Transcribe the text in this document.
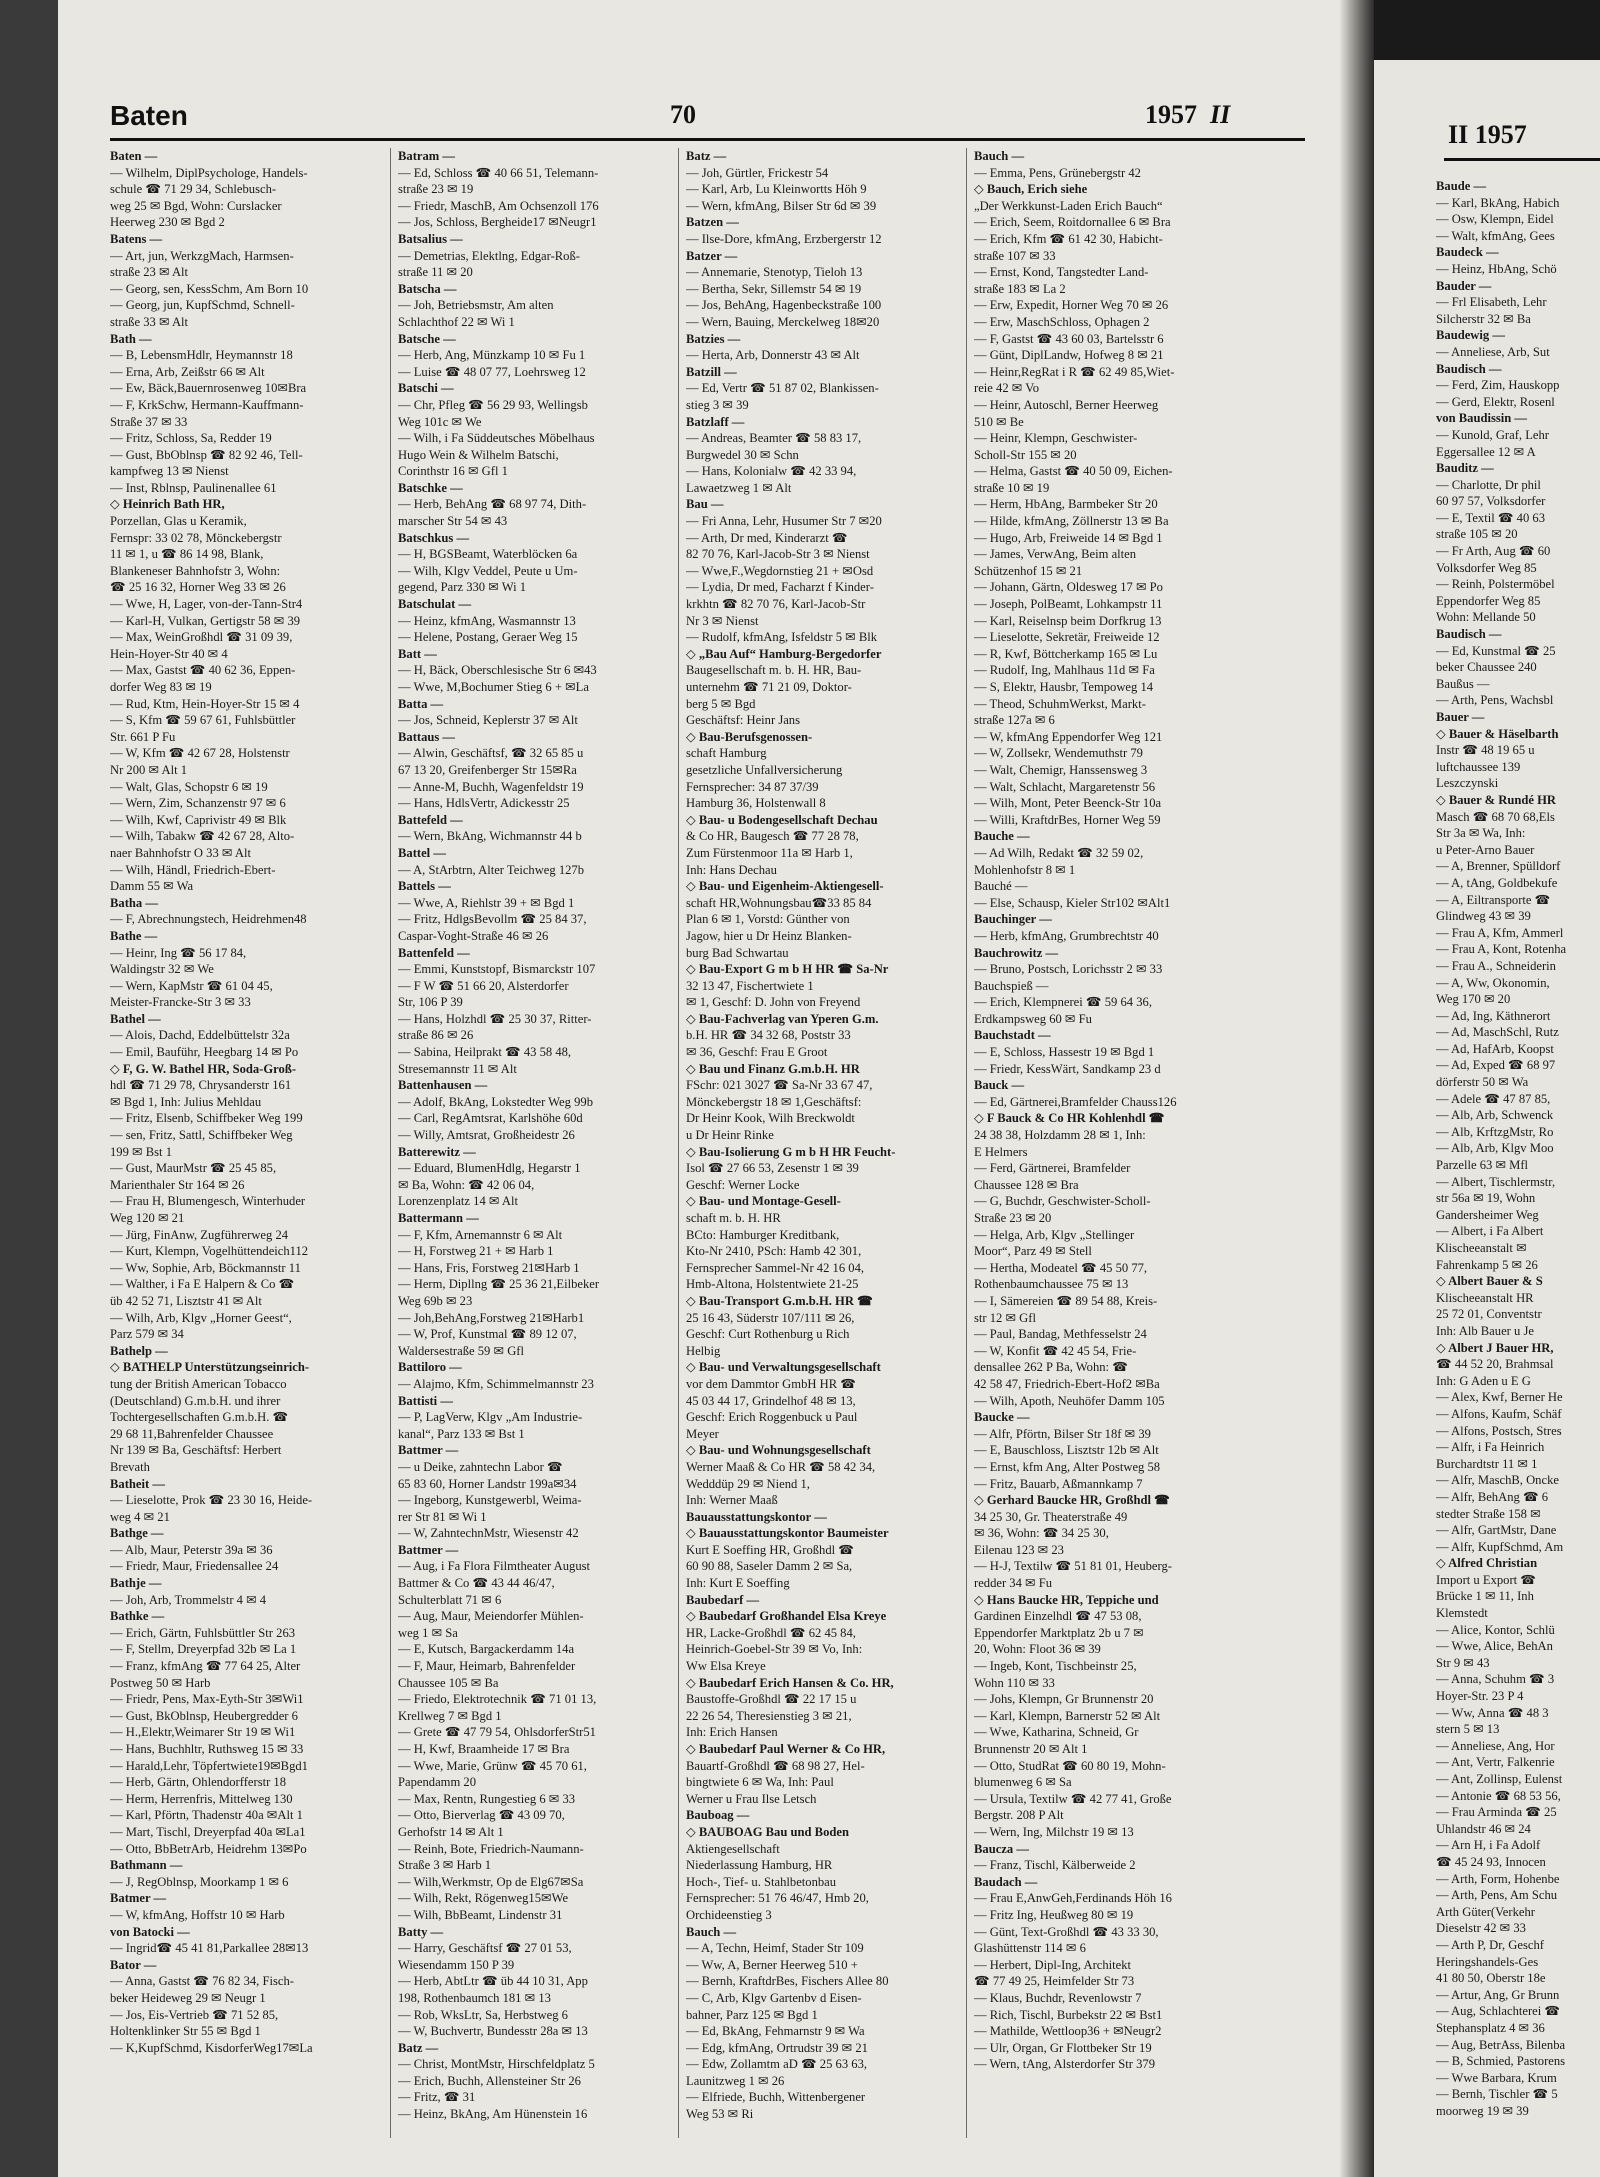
Baten	70	1957 II
Baten —
— Wilhelm, DiplPsychologe, Handels-
schule ☎ 71 29 34, Schlebusch-
weg 25 ✉ Bgd, Wohn: Curslacker
Heerweg 230 ✉ Bgd 2
Batens —
— Art, jun, WerkzgMach, Harmsen-
straße 23 ✉ Alt
— Georg, sen, KessSchm, Am Born 10
— Georg, jun, KupfSchmd, Schnell-
straße 33 ✉ Alt
Bath —
— B, LebensmHdlr, Heymannstr 18
— Erna, Arb, Zeißstr 66 ✉ Alt
— Ew, Bäck,Bauernrosenweg 10✉Bra
— F, KrkSchw, Hermann-Kauffmann-
Straße 37 ✉ 33
— Fritz, Schloss, Sa, Redder 19
— Gust, BbOblnsp ☎ 82 92 46, Tell-
kampfweg 13 ✉ Nienst
— Inst, Rblnsp, Paulinenallee 61
◇ Heinrich Bath HR,
Porzellan, Glas u Keramik,
Fernspr: 33 02 78, Mönckebergstr
11 ✉ 1, u ☎ 86 14 98, Blank,
Blankeneser Bahnhofstr 3, Wohn:
☎ 25 16 32, Horner Weg 33 ✉ 26
— Wwe, H, Lager, von-der-Tann-Str4
— Karl-H, Vulkan, Gertigstr 58 ✉ 39
— Max, WeinGroßhdl ☎ 31 09 39,
Hein-Hoyer-Str 40 ✉ 4
— Max, Gastst ☎ 40 62 36, Eppen-
dorfer Weg 83 ✉ 19
— Rud, Ktm, Hein-Hoyer-Str 15 ✉ 4
— S, Kfm ☎ 59 67 61, Fuhlsbüttler
Str. 661 P Fu
— W, Kfm ☎ 42 67 28, Holstenstr
Nr 200 ✉ Alt 1
— Walt, Glas, Schopstr 6 ✉ 19
— Wern, Zim, Schanzenstr 97 ✉ 6
— Wilh, Kwf, Caprivistr 49 ✉ Blk
— Wilh, Tabakw ☎ 42 67 28, Alto-
naer Bahnhofstr O 33 ✉ Alt
— Wilh, Händl, Friedrich-Ebert-
Damm 55 ✉ Wa
Batha —
— F, Abrechnungstech, Heidrehmen48
Bathe —
— Heinr, Ing ☎ 56 17 84,
Waldingstr 32 ✉ We
— Wern, KapMstr ☎ 61 04 45,
Meister-Francke-Str 3 ✉ 33
Bathel —
— Alois, Dachd, Eddelbüttelstr 32a
— Emil, Bauführ, Heegbarg 14 ✉ Po
◇ F, G. W. Bathel HR, Soda-Groß-
hdl ☎ 71 29 78, Chrysanderstr 161
✉ Bgd 1, Inh: Julius Mehldau
— Fritz, Elsenb, Schiffbeker Weg 199
— sen, Fritz, Sattl, Schiffbeker Weg
199 ✉ Bst 1
— Gust, MaurMstr ☎ 25 45 85,
Marienthaler Str 164 ✉ 26
— Frau H, Blumengesch, Winterhuder
Weg 120 ✉ 21
— Jürg, FinAnw, Zugführerweg 24
— Kurt, Klempn, Vogelhüttendeich112
— Ww, Sophie, Arb, Böckmannstr 11
— Walther, i Fa E Halpern & Co ☎
üb 42 52 71, Lisztstr 41 ✉ Alt
— Wilh, Arb, Klgv „Horner Geest“,
Parz 579 ✉ 34
Bathelp —
◇ BATHELP Unterstützungseinrich-
tung der British American Tobacco
(Deutschland) G.m.b.H. und ihrer
Tochtergesellschaften G.m.b.H. ☎
29 68 11,Bahrenfelder Chaussee
Nr 139 ✉ Ba, Geschäftsf: Herbert
Brevath
Batheit —
— Lieselotte, Prok ☎ 23 30 16, Heide-
weg 4 ✉ 21
Bathge —
— Alb, Maur, Peterstr 39a ✉ 36
— Friedr, Maur, Friedensallee 24
Bathje —
— Joh, Arb, Trommelstr 4 ✉ 4
Bathke —
— Erich, Gärtn, Fuhlsbüttler Str 263
— F, Stellm, Dreyerpfad 32b ✉ La 1
— Franz, kfmAng ☎ 77 64 25, Alter
Postweg 50 ✉ Harb
— Friedr, Pens, Max-Eyth-Str 3✉Wi1
— Gust, BkOblnsp, Heubergredder 6
— H.,Elektr,Weimarer Str 19 ✉ Wi1
— Hans, Buchhltr, Ruthsweg 15 ✉ 33
— Harald,Lehr, Töpfertwiete19✉Bgd1
— Herb, Gärtn, Ohlendorfferstr 18
— Herm, Herrenfris, Mittelweg 130
— Karl, Pförtn, Thadenstr 40a ✉Alt 1
— Mart, Tischl, Dreyerpfad 40a ✉La1
— Otto, BbBetrArb, Heidrehm 13✉Po
Bathmann —
— J, RegOblnsp, Moorkamp 1 ✉ 6
Batmer —
— W, kfmAng, Hoffstr 10 ✉ Harb
von Batocki —
— Ingrid☎ 45 41 81,Parkallee 28✉13
Bator —
— Anna, Gastst ☎ 76 82 34, Fisch-
beker Heideweg 29 ✉ Neugr 1
— Jos, Eis-Vertrieb ☎ 71 52 85,
Holtenklinker Str 55 ✉ Bgd 1
— K,KupfSchmd, KisdorferWeg17✉La
Batram —
— Ed, Schloss ☎ 40 66 51, Telemann-
straße 23 ✉ 19
— Friedr, MaschB, Am Ochsenzoll 176
— Jos, Schloss, Bergheide17 ✉Neugr1
Batsalius —
— Demetrias, Elektlng, Edgar-Roß-
straße 11 ✉ 20
Batscha —
— Joh, Betriebsmstr, Am alten
Schlachthof 22 ✉ Wi 1
Batsche —
— Herb, Ang, Münzkamp 10 ✉ Fu 1
— Luise ☎ 48 07 77, Loehrsweg 12
Batschi —
— Chr, Pfleg ☎ 56 29 93, Wellingsb
Weg 101c ✉ We
— Wilh, i Fa Süddeutsches Möbelhaus
Hugo Wein & Wilhelm Batschi,
Corinthstr 16 ✉ Gfl 1
Batschke —
— Herb, BehAng ☎ 68 97 74, Dith-
marscher Str 54 ✉ 43
Batschkus —
— H, BGSBeamt, Waterblöcken 6a
— Wilh, Klgv Veddel, Peute u Um-
gegend, Parz 330 ✉ Wi 1
Batschulat —
— Heinz, kfmAng, Wasmannstr 13
— Helene, Postang, Geraer Weg 15
Batt —
— H, Bäck, Oberschlesische Str 6 ✉43
— Wwe, M,Bochumer Stieg 6 + ✉La
Batta —
— Jos, Schneid, Keplerstr 37 ✉ Alt
Battaus —
— Alwin, Geschäftsf, ☎ 32 65 85 u
67 13 20, Greifenberger Str 15✉Ra
— Anne-M, Buchh, Wagenfeldstr 19
— Hans, HdlsVertr, Adickesstr 25
Battefeld —
— Wern, BkAng, Wichmannstr 44 b
Battel —
— A, StArbtrn, Alter Teichweg 127b
Battels —
— Wwe, A, Riehlstr 39 + ✉ Bgd 1
— Fritz, HdlgsBevollm ☎ 25 84 37,
Caspar-Voght-Straße 46 ✉ 26
Battenfeld —
— Emmi, Kunststopf, Bismarckstr 107
— F W ☎ 51 66 20, Alsterdorfer
Str, 106 P 39
— Hans, Holzhdl ☎ 25 30 37, Ritter-
straße 86 ✉ 26
— Sabina, Heilprakt ☎ 43 58 48,
Stresemannstr 11 ✉ Alt
Battenhausen —
— Adolf, BkAng, Lokstedter Weg 99b
— Carl, RegAmtsrat, Karlshöhe 60d
— Willy, Amtsrat, Großheidestr 26
Batterewitz —
— Eduard, BlumenHdlg, Hegarstr 1
✉ Ba, Wohn: ☎ 42 06 04,
Lorenzenplatz 14 ✉ Alt
Battermann —
— F, Kfm, Arnemannstr 6 ✉ Alt
— H, Forstweg 21 + ✉ Harb 1
— Hans, Fris, Forstweg 21✉Harb 1
— Herm, Dipllng ☎ 25 36 21,Eilbeker
Weg 69b ✉ 23
— Joh,BehAng,Forstweg 21✉Harb1
— W, Prof, Kunstmal ☎ 89 12 07,
Waldersestraße 59 ✉ Gfl
Battiloro —
— Alajmo, Kfm, Schimmelmannstr 23
Battisti —
— P, LagVerw, Klgv „Am Industrie-
kanal“, Parz 133 ✉ Bst 1
Battmer —
— u Deike, zahntechn Labor ☎
65 83 60, Horner Landstr 199a✉34
— Ingeborg, Kunstgewerbl, Weima-
rer Str 81 ✉ Wi 1
— W, ZahntechnMstr, Wiesenstr 42
Battmer —
— Aug, i Fa Flora Filmtheater August
Battmer & Co ☎ 43 44 46/47,
Schulterblatt 71 ✉ 6
— Aug, Maur, Meiendorfer Mühlen-
weg 1 ✉ Sa
— E, Kutsch, Bargackerdamm 14a
— F, Maur, Heimarb, Bahrenfelder
Chaussee 105 ✉ Ba
— Friedo, Elektrotechnik ☎ 71 01 13,
Krellweg 7 ✉ Bgd 1
— Grete ☎ 47 79 54, OhlsdorferStr51
— H, Kwf, Braamheide 17 ✉ Bra
— Wwe, Marie, Grünw ☎ 45 70 61,
Papendamm 20
— Max, Rentn, Rungestieg 6 ✉ 33
— Otto, Bierverlag ☎ 43 09 70,
Gerhofstr 14 ✉ Alt 1
— Reinh, Bote, Friedrich-Naumann-
Straße 3 ✉ Harb 1
— Wilh,Werkmstr, Op de Elg67✉Sa
— Wilh, Rekt, Rögenweg15✉We
— Wilh, BbBeamt, Lindenstr 31
Batty —
— Harry, Geschäftsf ☎ 27 01 53,
Wiesendamm 150 P 39
— Herb, AbtLtr ☎ üb 44 10 31, App
198, Rothenbaumch 181 ✉ 13
— Rob, WksLtr, Sa, Herbstweg 6
— W, Buchvertr, Bundesstr 28a ✉ 13
Batz —
— Christ, MontMstr, Hirschfeldplatz 5
— Erich, Buchh, Allensteiner Str 26
— Fritz, ☎ 31
— Heinz, BkAng, Am Hünenstein 16
Batz —
— Joh, Gürtler, Frickestr 54
— Karl, Arb, Lu Kleinwortts Höh 9
— Wern, kfmAng, Bilser Str 6d ✉ 39
Batzen —
— Ilse-Dore, kfmAng, Erzbergerstr 12
Batzer —
— Annemarie, Stenotyp, Tieloh 13
— Bertha, Sekr, Sillemstr 54 ✉ 19
— Jos, BehAng, Hagenbeckstraße 100
— Wern, Bauing, Merckelweg 18✉20
Batzies —
— Herta, Arb, Donnerstr 43 ✉ Alt
Batzill —
— Ed, Vertr ☎ 51 87 02, Blankissen-
stieg 3 ✉ 39
Batzlaff —
— Andreas, Beamter ☎ 58 83 17,
Burgwedel 30 ✉ Schn
— Hans, Kolonialw ☎ 42 33 94,
Lawaetzweg 1 ✉ Alt
Bau —
— Fri Anna, Lehr, Husumer Str 7 ✉20
— Arth, Dr med, Kinderarzt ☎
82 70 76, Karl-Jacob-Str 3 ✉ Nienst
— Wwe,F.,Wegdornstieg 21 + ✉Osd
— Lydia, Dr med, Facharzt f Kinder-
krkhtn ☎ 82 70 76, Karl-Jacob-Str
Nr 3 ✉ Nienst
— Rudolf, kfmAng, Isfeldstr 5 ✉ Blk
◇ „Bau Auf“ Hamburg-Bergedorfer
Baugesellschaft m. b. H. HR, Bau-
unternehm ☎ 71 21 09, Doktor-
berg 5 ✉ Bgd
Geschäftsf: Heinr Jans
◇ Bau-Berufsgenossen-
schaft Hamburg
gesetzliche Unfallversicherung
Fernsprecher: 34 87 37/39
Hamburg 36, Holstenwall 8
◇ Bau- u Bodengesellschaft Dechau
& Co HR, Baugesch ☎ 77 28 78,
Zum Fürstenmoor 11a ✉ Harb 1,
Inh: Hans Dechau
◇ Bau- und Eigenheim-Aktiengesell-
schaft HR,Wohnungsbau☎33 85 84
Plan 6 ✉ 1, Vorstd: Günther von
Jagow, hier u Dr Heinz Blanken-
burg Bad Schwartau
◇ Bau-Export G m b H HR ☎ Sa-Nr
32 13 47, Fischertwiete 1
✉ 1, Geschf: D. John von Freyend
◇ Bau-Fachverlag van Yperen G.m.
b.H. HR ☎ 34 32 68, Poststr 33
✉ 36, Geschf: Frau E Groot
◇ Bau und Finanz G.m.b.H. HR
FSchr: 021 3027 ☎ Sa-Nr 33 67 47,
Mönckebergstr 18 ✉ 1,Geschäftsf:
Dr Heinr Kook, Wilh Breckwoldt
u Dr Heinr Rinke
◇ Bau-Isolierung G m b H HR Feucht-
Isol ☎ 27 66 53, Zesenstr 1 ✉ 39
Geschf: Werner Locke
◇ Bau- und Montage-Gesell-
schaft m. b. H. HR
BCto: Hamburger Kreditbank,
Kto-Nr 2410, PSch: Hamb 42 301,
Fernsprecher Sammel-Nr 42 16 04,
Hmb-Altona, Holstentwiete 21-25
◇ Bau-Transport G.m.b.H. HR ☎
25 16 43, Süderstr 107/111 ✉ 26,
Geschf: Curt Rothenburg u Rich
Helbig
◇ Bau- und Verwaltungsgesellschaft
vor dem Dammtor GmbH HR ☎
45 03 44 17, Grindelhof 48 ✉ 13,
Geschf: Erich Roggenbuck u Paul
Meyer
◇ Bau- und Wohnungsgesellschaft
Werner Maaß & Co HR ☎ 58 42 34,
Wedddüp 29 ✉ Niend 1,
Inh: Werner Maaß
Bauausstattungskontor —
◇ Bauausstattungskontor Baumeister
Kurt E Soeffing HR, Großhdl ☎
60 90 88, Saseler Damm 2 ✉ Sa,
Inh: Kurt E Soeffing
Baubedarf —
◇ Baubedarf Großhandel Elsa Kreye
HR, Lacke-Großhdl ☎ 62 45 84,
Heinrich-Goebel-Str 39 ✉ Vo, Inh:
Ww Elsa Kreye
◇ Baubedarf Erich Hansen & Co. HR,
Baustoffe-Großhdl ☎ 22 17 15 u
22 26 54, Theresienstieg 3 ✉ 21,
Inh: Erich Hansen
◇ Baubedarf Paul Werner & Co HR,
Bauartf-Großhdl ☎ 68 98 27, Hel-
bingtwiete 6 ✉ Wa, Inh: Paul
Werner u Frau Ilse Letsch
Bauboag —
◇ BAUBOAG Bau und Boden
Aktiengesellschaft
Niederlassung Hamburg, HR
Hoch-, Tief- u. Stahlbetonbau
Fernsprecher: 51 76 46/47, Hmb 20,
Orchideenstieg 3
Bauch —
— A, Techn, Heimf, Stader Str 109
— Ww, A, Berner Heerweg 510 +
— Bernh, KraftdrBes, Fischers Allee 80
— C, Arb, Klgv Gartenbv d Eisen-
bahner, Parz 125 ✉ Bgd 1
— Ed, BkAng, Fehmarnstr 9 ✉ Wa
— Edg, kfmAng, Ortrudstr 39 ✉ 21
— Edw, Zollamtm aD ☎ 25 63 63,
Launitzweg 1 ✉ 26
— Elfriede, Buchh, Wittenbergener
Weg 53 ✉ Ri
Bauch —
— Emma, Pens, Grünebergstr 42
◇ Bauch, Erich siehe
„Der Werkkunst-Laden Erich Bauch“
— Erich, Seem, Roitdornallee 6 ✉ Bra
— Erich, Kfm ☎ 61 42 30, Habicht-
straße 107 ✉ 33
— Ernst, Kond, Tangstedter Land-
straße 183 ✉ La 2
— Erw, Expedit, Horner Weg 70 ✉ 26
— Erw, MaschSchloss, Ophagen 2
— F, Gastst ☎ 43 60 03, Bartelsstr 6
— Günt, DiplLandw, Hofweg 8 ✉ 21
— Heinr,RegRat i R ☎ 62 49 85,Wiet-
reie 42 ✉ Vo
— Heinr, Autoschl, Berner Heerweg
510 ✉ Be
— Heinr, Klempn, Geschwister-
Scholl-Str 155 ✉ 20
— Helma, Gastst ☎ 40 50 09, Eichen-
straße 10 ✉ 19
— Herm, HbAng, Barmbeker Str 20
— Hilde, kfmAng, Zöllnerstr 13 ✉ Ba
— Hugo, Arb, Freiweide 14 ✉ Bgd 1
— James, VerwAng, Beim alten
Schützenhof 15 ✉ 21
— Johann, Gärtn, Oldesweg 17 ✉ Po
— Joseph, PolBeamt, Lohkampstr 11
— Karl, Reiselnsp beim Dorfkrug 13
— Lieselotte, Sekretär, Freiweide 12
— R, Kwf, Böttcherkamp 165 ✉ Lu
— Rudolf, Ing, Mahlhaus 11d ✉ Fa
— S, Elektr, Hausbr, Tempoweg 14
— Theod, SchuhmWerkst, Markt-
straße 127a ✉ 6
— W, kfmAng Eppendorfer Weg 121
— W, Zollsekr, Wendemuthstr 79
— Walt, Chemigr, Hanssensweg 3
— Walt, Schlacht, Margaretenstr 56
— Wilh, Mont, Peter Beenck-Str 10a
— Willi, KraftdrBes, Horner Weg 59
Bauche —
— Ad Wilh, Redakt ☎ 32 59 02,
Mohlenhofstr 8 ✉ 1
Bauché —
— Else, Schausp, Kieler Str102 ✉Alt1
Bauchinger —
— Herb, kfmAng, Grumbrechtstr 40
Bauchrowitz —
— Bruno, Postsch, Lorichsstr 2 ✉ 33
Bauchspieß —
— Erich, Klempnerei ☎ 59 64 36,
Erdkampsweg 60 ✉ Fu
Bauchstadt —
— E, Schloss, Hassestr 19 ✉ Bgd 1
— Friedr, KessWärt, Sandkamp 23 d
Bauck —
— Ed, Gärtnerei,Bramfelder Chauss126
◇ F Bauck & Co HR Kohlenhdl ☎
24 38 38, Holzdamm 28 ✉ 1, Inh:
E Helmers
— Ferd, Gärtnerei, Bramfelder
Chaussee 128 ✉ Bra
— G, Buchdr, Geschwister-Scholl-
Straße 23 ✉ 20
— Helga, Arb, Klgv „Stellinger
Moor“, Parz 49 ✉ Stell
— Hertha, Modeatel ☎ 45 50 77,
Rothenbaumchaussee 75 ✉ 13
— I, Sämereien ☎ 89 54 88, Kreis-
str 12 ✉ Gfl
— Paul, Bandag, Methfesselstr 24
— W, Konfit ☎ 42 45 54, Frie-
densallee 262 P Ba, Wohn: ☎
42 58 47, Friedrich-Ebert-Hof2 ✉Ba
— Wilh, Apoth, Neuhöfer Damm 105
Baucke —
— Alfr, Pförtn, Bilser Str 18f ✉ 39
— E, Bauschloss, Lisztstr 12b ✉ Alt
— Ernst, kfm Ang, Alter Postweg 58
— Fritz, Bauarb, Aßmannkamp 7
◇ Gerhard Baucke HR, Großhdl ☎
34 25 30, Gr. Theaterstraße 49
✉ 36, Wohn: ☎ 34 25 30,
Eilenau 123 ✉ 23
— H-J, Textilw ☎ 51 81 01, Heuberg-
redder 34 ✉ Fu
◇ Hans Baucke HR, Teppiche und
Gardinen Einzelhdl ☎ 47 53 08,
Eppendorfer Marktplatz 2b u 7 ✉
20, Wohn: Floot 36 ✉ 39
— Ingeb, Kont, Tischbeinstr 25,
Wohn 110 ✉ 33
— Johs, Klempn, Gr Brunnenstr 20
— Karl, Klempn, Barnerstr 52 ✉ Alt
— Wwe, Katharina, Schneid, Gr
Brunnenstr 20 ✉ Alt 1
— Otto, StudRat ☎ 60 80 19, Mohn-
blumenweg 6 ✉ Sa
— Ursula, Textilw ☎ 42 77 41, Große
Bergstr. 208 P Alt
— Wern, Ing, Milchstr 19 ✉ 13
Baucza —
— Franz, Tischl, Kälberweide 2
Baudach —
— Frau E,AnwGeh,Ferdinands Höh 16
— Fritz Ing, Heußweg 80 ✉ 19
— Günt, Text-Großhdl ☎ 43 33 30,
Glashüttenstr 114 ✉ 6
— Herbert, Dipl-Ing, Architekt
☎ 77 49 25, Heimfelder Str 73
— Klaus, Buchdr, Revenlowstr 7
— Rich, Tischl, Burbekstr 22 ✉ Bst1
— Mathilde, Wettloop36 + ✉Neugr2
— Ulr, Organ, Gr Flottbeker Str 19
— Wern, tAng, Alsterdorfer Str 379
II 1957
Baude —
— Karl, BkAng, Habich
— Osw, Klempn, Eidel
— Walt, kfmAng, Gees
Baudeck —
— Heinz, HbAng, Schö
Bauder —
— Frl Elisabeth, Lehr
Silcherstr 32 ✉ Ba
Baudewig —
— Anneliese, Arb, Sut
Baudisch —
— Ferd, Zim, Hauskopp
— Gerd, Elektr, Rosenl
von Baudissin —
— Kunold, Graf, Lehr
Eggersallee 12 ✉ A
Bauditz —
— Charlotte, Dr phil
60 97 57, Volksdorfer
— E, Textil ☎ 40 63
straße 105 ✉ 20
— Fr Arth, Aug ☎ 60
Volksdorfer Weg 85
— Reinh, Polstermöbel
Eppendorfer Weg 85
Wohn: Mellande 50
Baudisch —
— Ed, Kunstmal ☎ 25
beker Chaussee 240
Baußus —
— Arth, Pens, Wachsbl
Bauer —
◇ Bauer & Häselbarth
Instr ☎ 48 19 65 u
luftchaussee 139
Leszczynski
◇ Bauer & Rundé HR
Masch ☎ 68 70 68,Els
Str 3a ✉ Wa, Inh:
u Peter-Arno Bauer
— A, Brenner, Spülldorf
— A, tAng, Goldbekufe
— A, Eiltransporte ☎
Glindweg 43 ✉ 39
— Frau A, Kfm, Ammerl
— Frau A, Kont, Rotenha
— Frau A., Schneiderin
— A, Ww, Okonomin,
Weg 170 ✉ 20
— Ad, Ing, Käthnerort
— Ad, MaschSchl, Rutz
— Ad, HafArb, Koopst
— Ad, Exped ☎ 68 97
dörferstr 50 ✉ Wa
— Adele ☎ 47 87 85,
— Alb, Arb, Schwenck
— Alb, KrftzgMstr, Ro
— Alb, Arb, Klgv Moo
Parzelle 63 ✉ Mfl
— Albert, Tischlermstr,
str 56a ✉ 19, Wohn
Gandersheimer Weg
— Albert, i Fa Albert
Klischeeanstalt ✉
Fahrenkamp 5 ✉ 26
◇ Albert Bauer & S
Klischeeanstalt HR
25 72 01, Conventstr
Inh: Alb Bauer u Je
◇ Albert J Bauer HR,
☎ 44 52 20, Brahmsal
Inh: G Aden u E G
— Alex, Kwf, Berner He
— Alfons, Kaufm, Schäf
— Alfons, Postsch, Stres
— Alfr, i Fa Heinrich
Burchardtstr 11 ✉ 1
— Alfr, MaschB, Oncke
— Alfr, BehAng ☎ 6
stedter Straße 158 ✉
— Alfr, GartMstr, Dane
— Alfr, KupfSchmd, Am
◇ Alfred Christian
Import u Export ☎
Brücke 1 ✉ 11, Inh
Klemstedt
— Alice, Kontor, Schlü
— Wwe, Alice, BehAn
Str 9 ✉ 43
— Anna, Schuhm ☎ 3
Hoyer-Str. 23 P 4
— Ww, Anna ☎ 48 3
stern 5 ✉ 13
— Anneliese, Ang, Hor
— Ant, Vertr, Falkenrie
— Ant, Zollinsp, Eulenst
— Antonie ☎ 68 53 56,
— Frau Arminda ☎ 25
Uhlandstr 46 ✉ 24
— Arn H, i Fa Adolf
☎ 45 24 93, Innocen
— Arth, Form, Hohenbe
— Arth, Pens, Am Schu
Arth Güter(Verkehr
Dieselstr 42 ✉ 33
— Arth P, Dr, Geschf
Heringshandels-Ges
41 80 50, Oberstr 18e
— Artur, Ang, Gr Brunn
— Aug, Schlachterei ☎
Stephansplatz 4 ✉ 36
— Aug, BetrAss, Bilenba
— B, Schmied, Pastorens
— Wwe Barbara, Krum
— Bernh, Tischler ☎ 5
moorweg 19 ✉ 39
